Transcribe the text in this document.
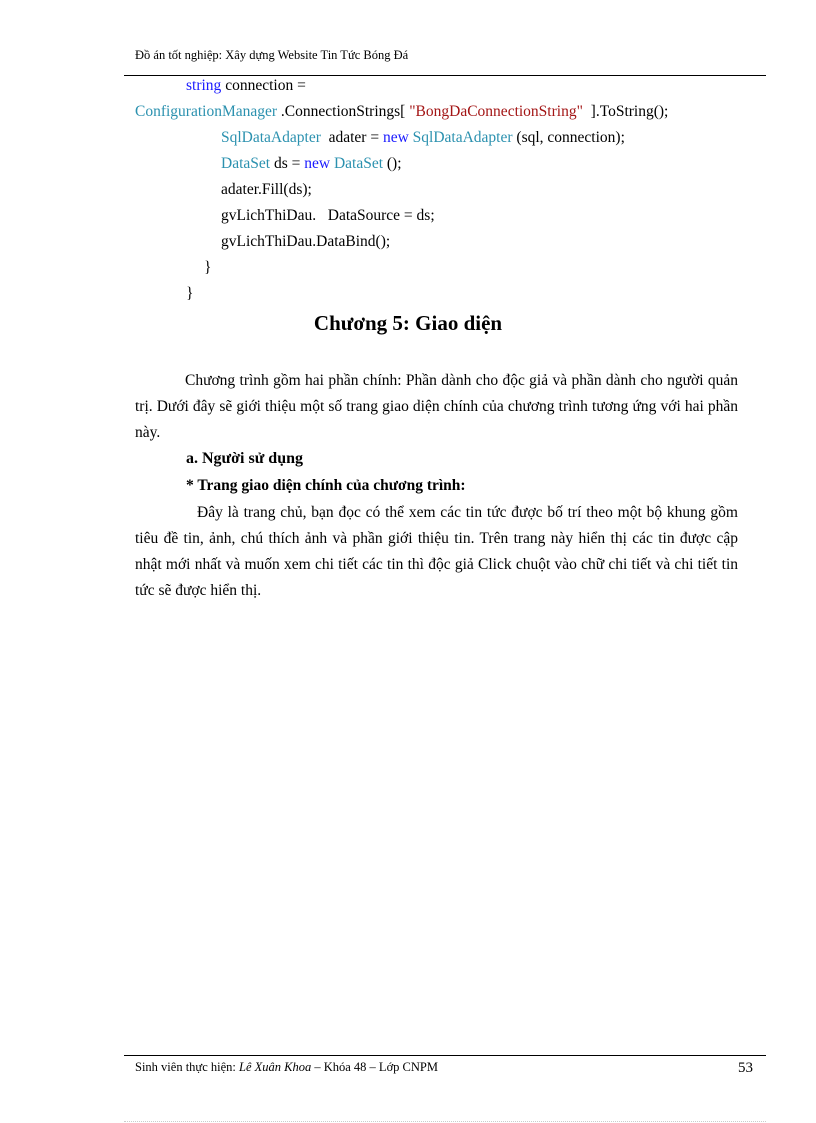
Đồ án tốt nghiệp: Xây dựng Website Tin Tức Bóng Đá
string connection =
ConfigurationManager .ConnectionStrings[ "BongDaConnectionString"  ].ToString();
SqlDataAdapter  adater = new SqlDataAdapter (sql, connection);
DataSet ds = new DataSet ();
adater.Fill(ds);
gvLichThiDau.   DataSource = ds;
gvLichThiDau.DataBind();
}
}
Chương 5: Giao diện
Chương trình gồm hai phần chính: Phần dành cho độc giả và phần dành cho người quản trị. Dưới đây sẽ giới thiệu một số trang giao diện chính của chương trình tương ứng với hai phần này.
a. Người sử dụng
* Trang giao diện chính của chương trình:
Đây là trang chủ, bạn đọc có thể xem các tin tức được bố trí theo một bộ khung gồm tiêu đề tin, ảnh, chú thích ảnh và phần giới thiệu tin. Trên trang này hiển thị các tin được cập nhật mới nhất và muốn xem chi tiết các tin thì độc giả Click chuột vào chữ chi tiết và chi tiết tin tức sẽ được hiển thị.
Sinh viên thực hiện: Lê Xuân Khoa – Khóa 48 – Lớp CNPM	53
